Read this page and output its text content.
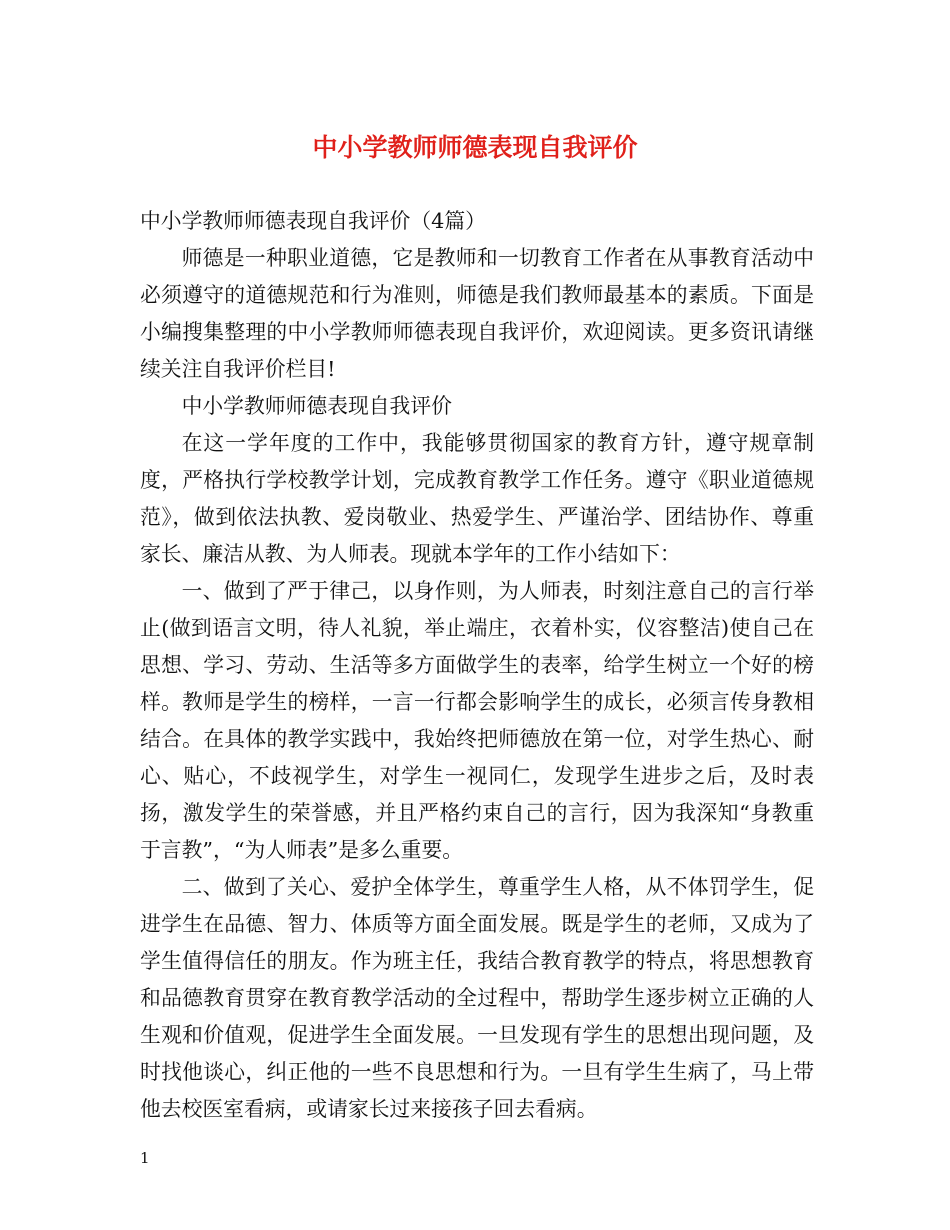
中小学教师师德表现自我评价

中小学教师师德表现自我评价（4篇）

师德是一种职业道德，它是教师和一切教育工作者在从事教育活动中必须遵守的道德规范和行为准则，师德是我们教师最基本的素质。下面是小编搜集整理的中小学教师师德表现自我评价，欢迎阅读。更多资讯请继续关注自我评价栏目!

中小学教师师德表现自我评价

在这一学年度的工作中，我能够贯彻国家的教育方针，遵守规章制度，严格执行学校教学计划，完成教育教学工作任务。遵守《职业道德规范》，做到依法执教、爱岗敬业、热爱学生、严谨治学、团结协作、尊重家长、廉洁从教、为人师表。现就本学年的工作小结如下：

一、做到了严于律己，以身作则，为人师表，时刻注意自己的言行举止(做到语言文明，待人礼貌，举止端庄，衣着朴实，仪容整洁)使自己在思想、学习、劳动、生活等多方面做学生的表率，给学生树立一个好的榜样。教师是学生的榜样，一言一行都会影响学生的成长，必须言传身教相结合。在具体的教学实践中，我始终把师德放在第一位，对学生热心、耐心、贴心，不歧视学生，对学生一视同仁，发现学生进步之后，及时表扬，激发学生的荣誉感，并且严格约束自己的言行，因为我深知“身教重于言教”，“为人师表”是多么重要。

二、做到了关心、爱护全体学生，尊重学生人格，从不体罚学生，促进学生在品德、智力、体质等方面全面发展。既是学生的老师，又成为了学生值得信任的朋友。作为班主任，我结合教育教学的特点，将思想教育和品德教育贯穿在教育教学活动的全过程中，帮助学生逐步树立正确的人生观和价值观，促进学生全面发展。一旦发现有学生的思想出现问题，及时找他谈心，纠正他的一些不良思想和行为。一旦有学生生病了，马上带他去校医室看病，或请家长过来接孩子回去看病。

1
